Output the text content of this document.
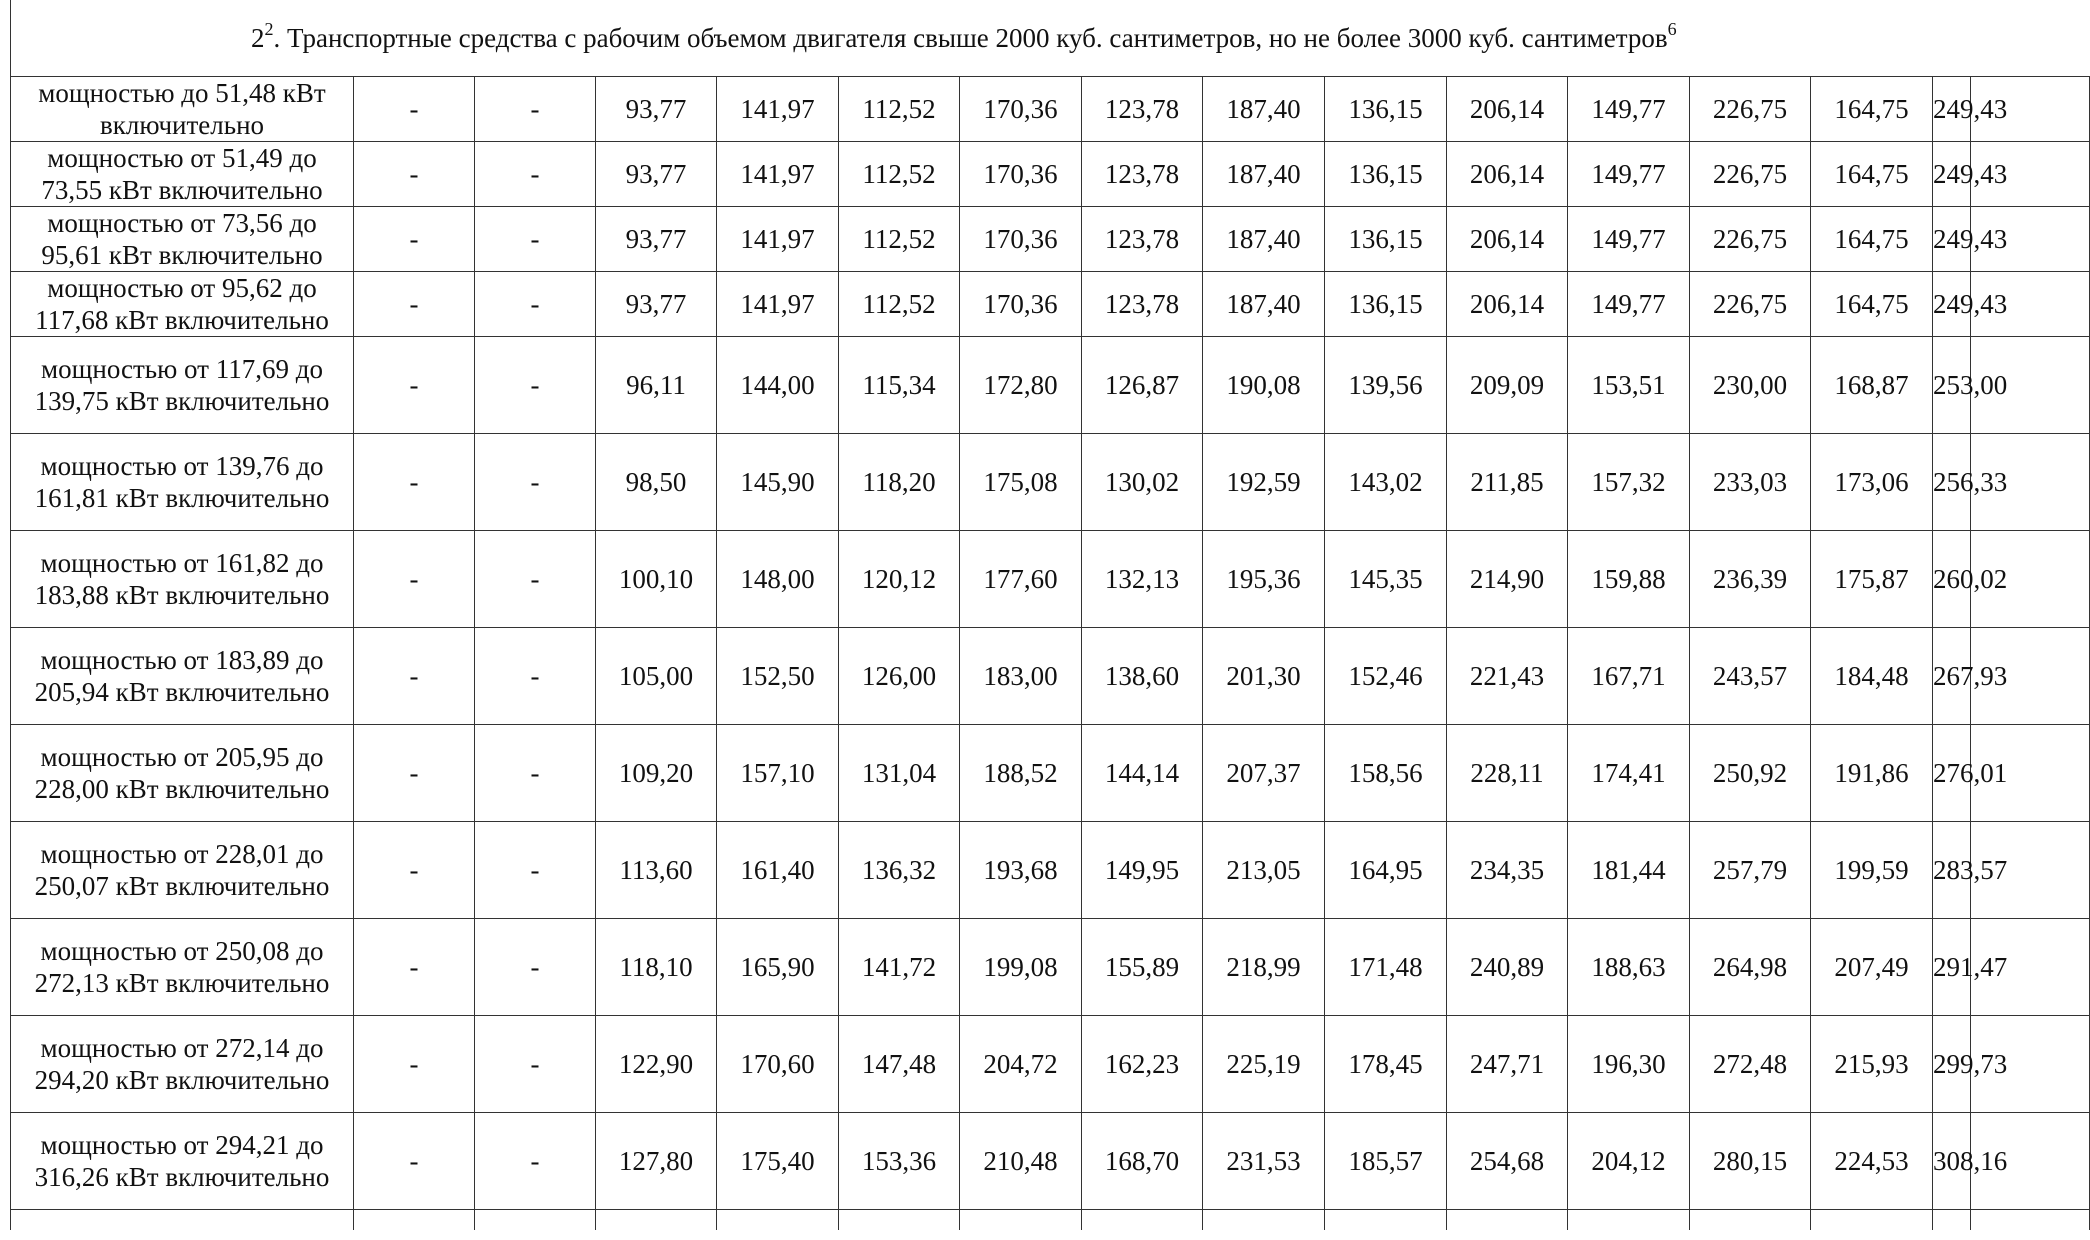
$2^2$. Транспортные средства с рабочим объемом двигателя свыше 2000 куб. сантиметров, но не более 3000 куб. сантиметров$^6$
мощностью до 51,48 кВт включительно	-	-	93,77	141,97	112,52	170,36	123,78	187,40	136,15	206,14	149,77	226,75	164,75	249,43	
мощностью от 51,49 до 73,55 кВт включительно	-	-	93,77	141,97	112,52	170,36	123,78	187,40	136,15	206,14	149,77	226,75	164,75	249,43	
мощностью от 73,56 до 95,61 кВт включительно	-	-	93,77	141,97	112,52	170,36	123,78	187,40	136,15	206,14	149,77	226,75	164,75	249,43	
мощностью от 95,62 до 117,68 кВт включительно	-	-	93,77	141,97	112,52	170,36	123,78	187,40	136,15	206,14	149,77	226,75	164,75	249,43	
мощностью от 117,69 до 139,75 кВт включительно	-	-	96,11	144,00	115,34	172,80	126,87	190,08	139,56	209,09	153,51	230,00	168,87	253,00	
мощностью от 139,76 до 161,81 кВт включительно	-	-	98,50	145,90	118,20	175,08	130,02	192,59	143,02	211,85	157,32	233,03	173,06	256,33	
мощностью от 161,82 до 183,88 кВт включительно	-	-	100,10	148,00	120,12	177,60	132,13	195,36	145,35	214,90	159,88	236,39	175,87	260,02	
мощностью от 183,89 до 205,94 кВт включительно	-	-	105,00	152,50	126,00	183,00	138,60	201,30	152,46	221,43	167,71	243,57	184,48	267,93	
мощностью от 205,95 до 228,00 кВт включительно	-	-	109,20	157,10	131,04	188,52	144,14	207,37	158,56	228,11	174,41	250,92	191,86	276,01	
мощностью от 228,01 до 250,07 кВт включительно	-	-	113,60	161,40	136,32	193,68	149,95	213,05	164,95	234,35	181,44	257,79	199,59	283,57	
мощностью от 250,08 до 272,13 кВт включительно	-	-	118,10	165,90	141,72	199,08	155,89	218,99	171,48	240,89	188,63	264,98	207,49	291,47	
мощностью от 272,14 до 294,20 кВт включительно	-	-	122,90	170,60	147,48	204,72	162,23	225,19	178,45	247,71	196,30	272,48	215,93	299,73	
мощностью от 294,21 до 316,26 кВт включительно	-	-	127,80	175,40	153,36	210,48	168,70	231,53	185,57	254,68	204,12	280,15	224,53	308,16	
